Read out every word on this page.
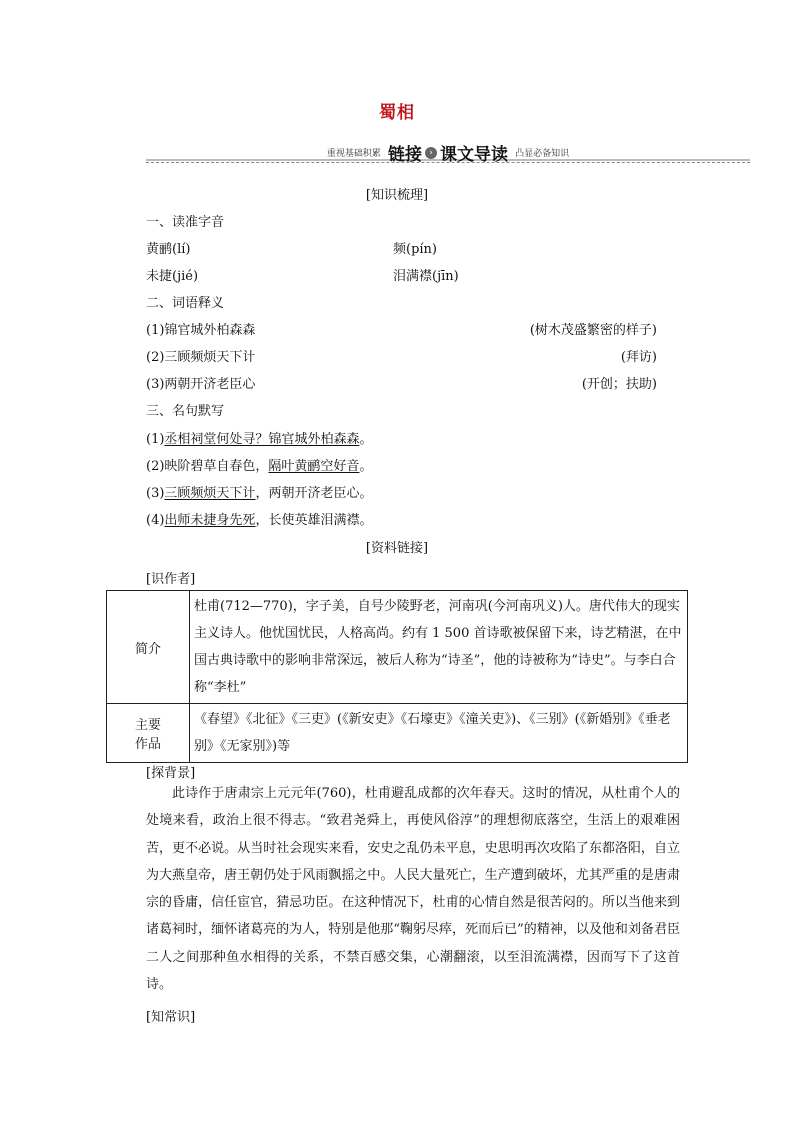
蜀相
重视基础积累 链接 › 课文导读 凸显必备知识
[知识梳理]
一、读准字音
黄鹂(lí)	频(pín)
未捷(jié)	泪满襟(jīn)
二、词语释义
(1)锦官城外柏森森	(树木茂盛繁密的样子)
(2)三顾频烦天下计	(拜访)
(3)两朝开济老臣心	(开创；扶助)
三、名句默写
(1)丞相祠堂何处寻？锦官城外柏森森。
(2)映阶碧草自春色，隔叶黄鹂空好音。
(3)三顾频烦天下计，两朝开济老臣心。
(4)出师未捷身先死，长使英雄泪满襟。
[资料链接]
[识作者]
简介	杜甫(712—770)，字子美，自号少陵野老，河南巩(今河南巩义)人。唐代伟大的现实主义诗人。他忧国忧民，人格高尚。约有 1 500 首诗歌被保留下来，诗艺精湛，在中国古典诗歌中的影响非常深远，被后人称为“诗圣”，他的诗被称为“诗史”。与李白合称“李杜”

主要
作品	《春望》《北征》《三吏》(《新安吏》《石壕吏》《潼关吏》)、《三别》(《新婚别》《垂老别》《无家别》)等
[探背景]
此诗作于唐肃宗上元元年(760)，杜甫避乱成都的次年春天。这时的情况，从杜甫个人的处境来看，政治上很不得志。“致君尧舜上，再使风俗淳”的理想彻底落空，生活上的艰难困苦，更不必说。从当时社会现实来看，安史之乱仍未平息，史思明再次攻陷了东都洛阳，自立为大燕皇帝，唐王朝仍处于风雨飘摇之中。人民大量死亡，生产遭到破坏，尤其严重的是唐肃宗的昏庸，信任宦官，猜忌功臣。在这种情况下，杜甫的心情自然是很苦闷的。所以当他来到诸葛祠时，缅怀诸葛亮的为人，特别是他那“鞠躬尽瘁，死而后已”的精神，以及他和刘备君臣二人之间那种鱼水相得的关系，不禁百感交集，心潮翻滚，以至泪流满襟，因而写下了这首诗。
[知常识]
